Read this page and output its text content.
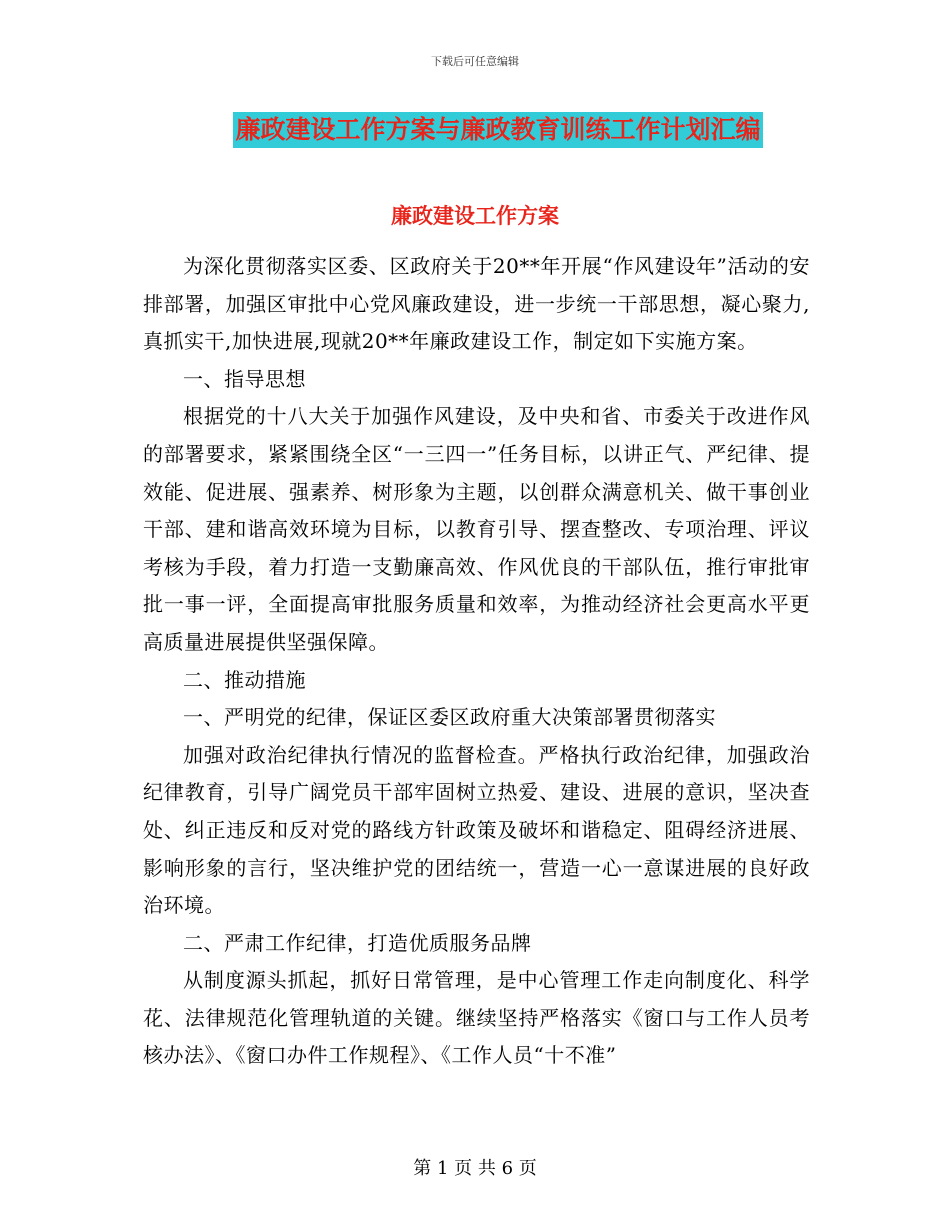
下载后可任意编辑
廉政建设工作方案与廉政教育训练工作计划汇编
廉政建设工作方案

为深化贯彻落实区委、区政府关于20**年开展“作风建设年”活动的安排部署，加强区审批中心党风廉政建设，进一步统一干部思想，凝心聚力,真抓实干,加快进展,现就20**年廉政建设工作，制定如下实施方案。

一、指导思想

根据党的十八大关于加强作风建设，及中央和省、市委关于改进作风的部署要求，紧紧围绕全区“一三四一”任务目标，以讲正气、严纪律、提效能、促进展、强素养、树形象为主题，以创群众满意机关、做干事创业干部、建和谐高效环境为目标，以教育引导、摆查整改、专项治理、评议考核为手段，着力打造一支勤廉高效、作风优良的干部队伍，推行审批审批一事一评，全面提高审批服务质量和效率，为推动经济社会更高水平更高质量进展提供坚强保障。

二、推动措施

一、严明党的纪律，保证区委区政府重大决策部署贯彻落实

加强对政治纪律执行情况的监督检查。严格执行政治纪律，加强政治纪律教育，引导广阔党员干部牢固树立热爱、建设、进展的意识，坚决查处、纠正违反和反对党的路线方针政策及破坏和谐稳定、阻碍经济进展、影响形象的言行，坚决维护党的团结统一，营造一心一意谋进展的良好政治环境。

二、严肃工作纪律，打造优质服务品牌

从制度源头抓起，抓好日常管理，是中心管理工作走向制度化、科学花、法律规范化管理轨道的关键。继续坚持严格落实《窗口与工作人员考核办法》、《窗口办件工作规程》、《工作人员“十不准”

第 1 页 共 6 页
